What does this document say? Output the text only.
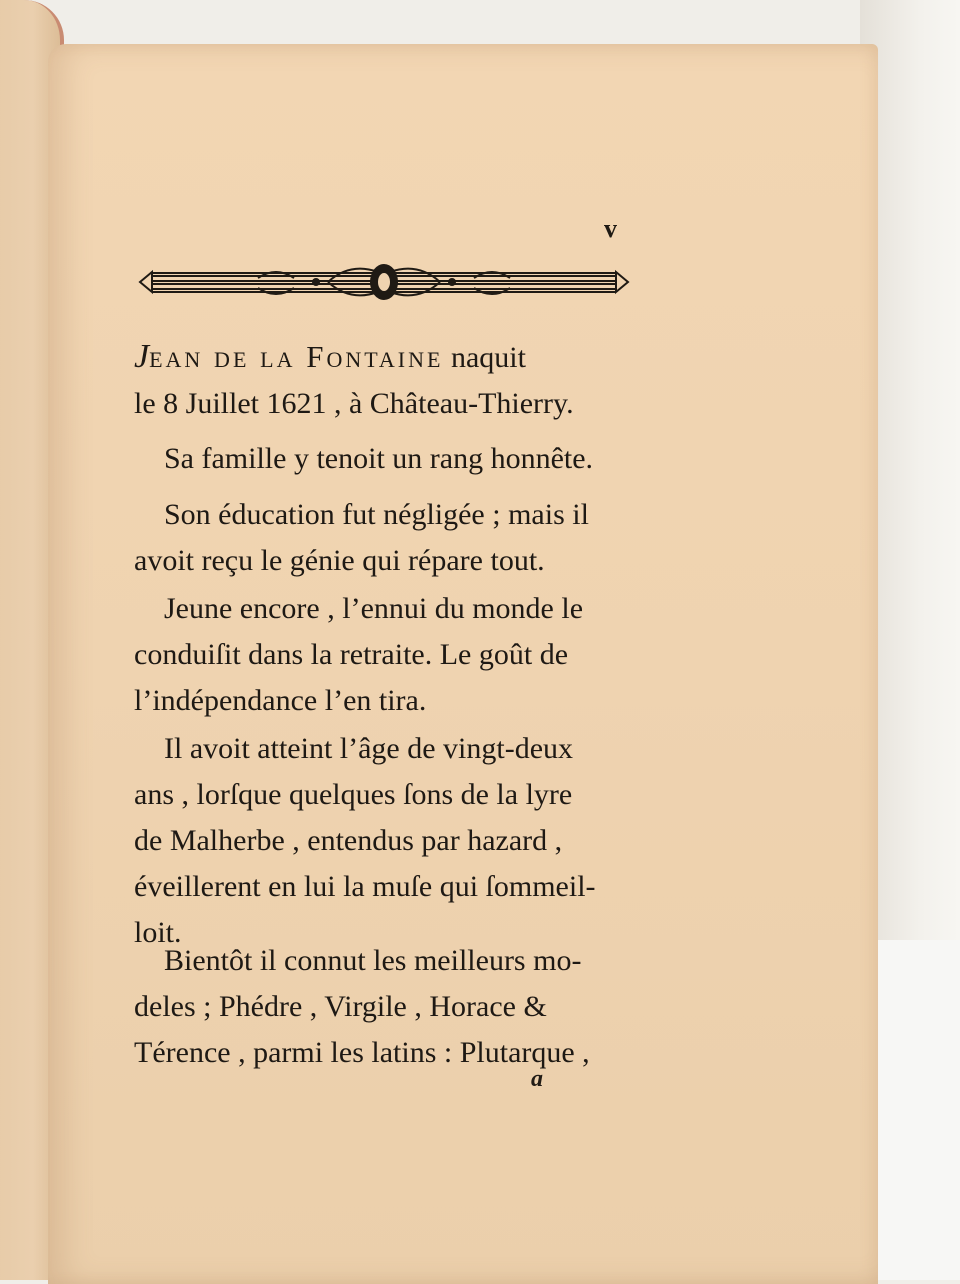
v

Jean de la Fontaine naquit
le 8 Juillet 1621 , à Château-Thierry.

Sa famille y tenoit un rang honnête.

Son éducation fut négligée ; mais il
avoit reçu le génie qui répare tout.

Jeune encore , l’ennui du monde le
conduiſit dans la retraite. Le goût de
l’indépendance l’en tira.

Il avoit atteint l’âge de vingt-deux
ans , lorſque quelques ſons de la lyre
de Malherbe , entendus par hazard ,
éveillerent en lui la muſe qui ſommeil-
loit.

Bientôt il connut les meilleurs mo-
deles ; Phédre , Virgile , Horace &
Térence , parmi les latins : Plutarque ,

a
